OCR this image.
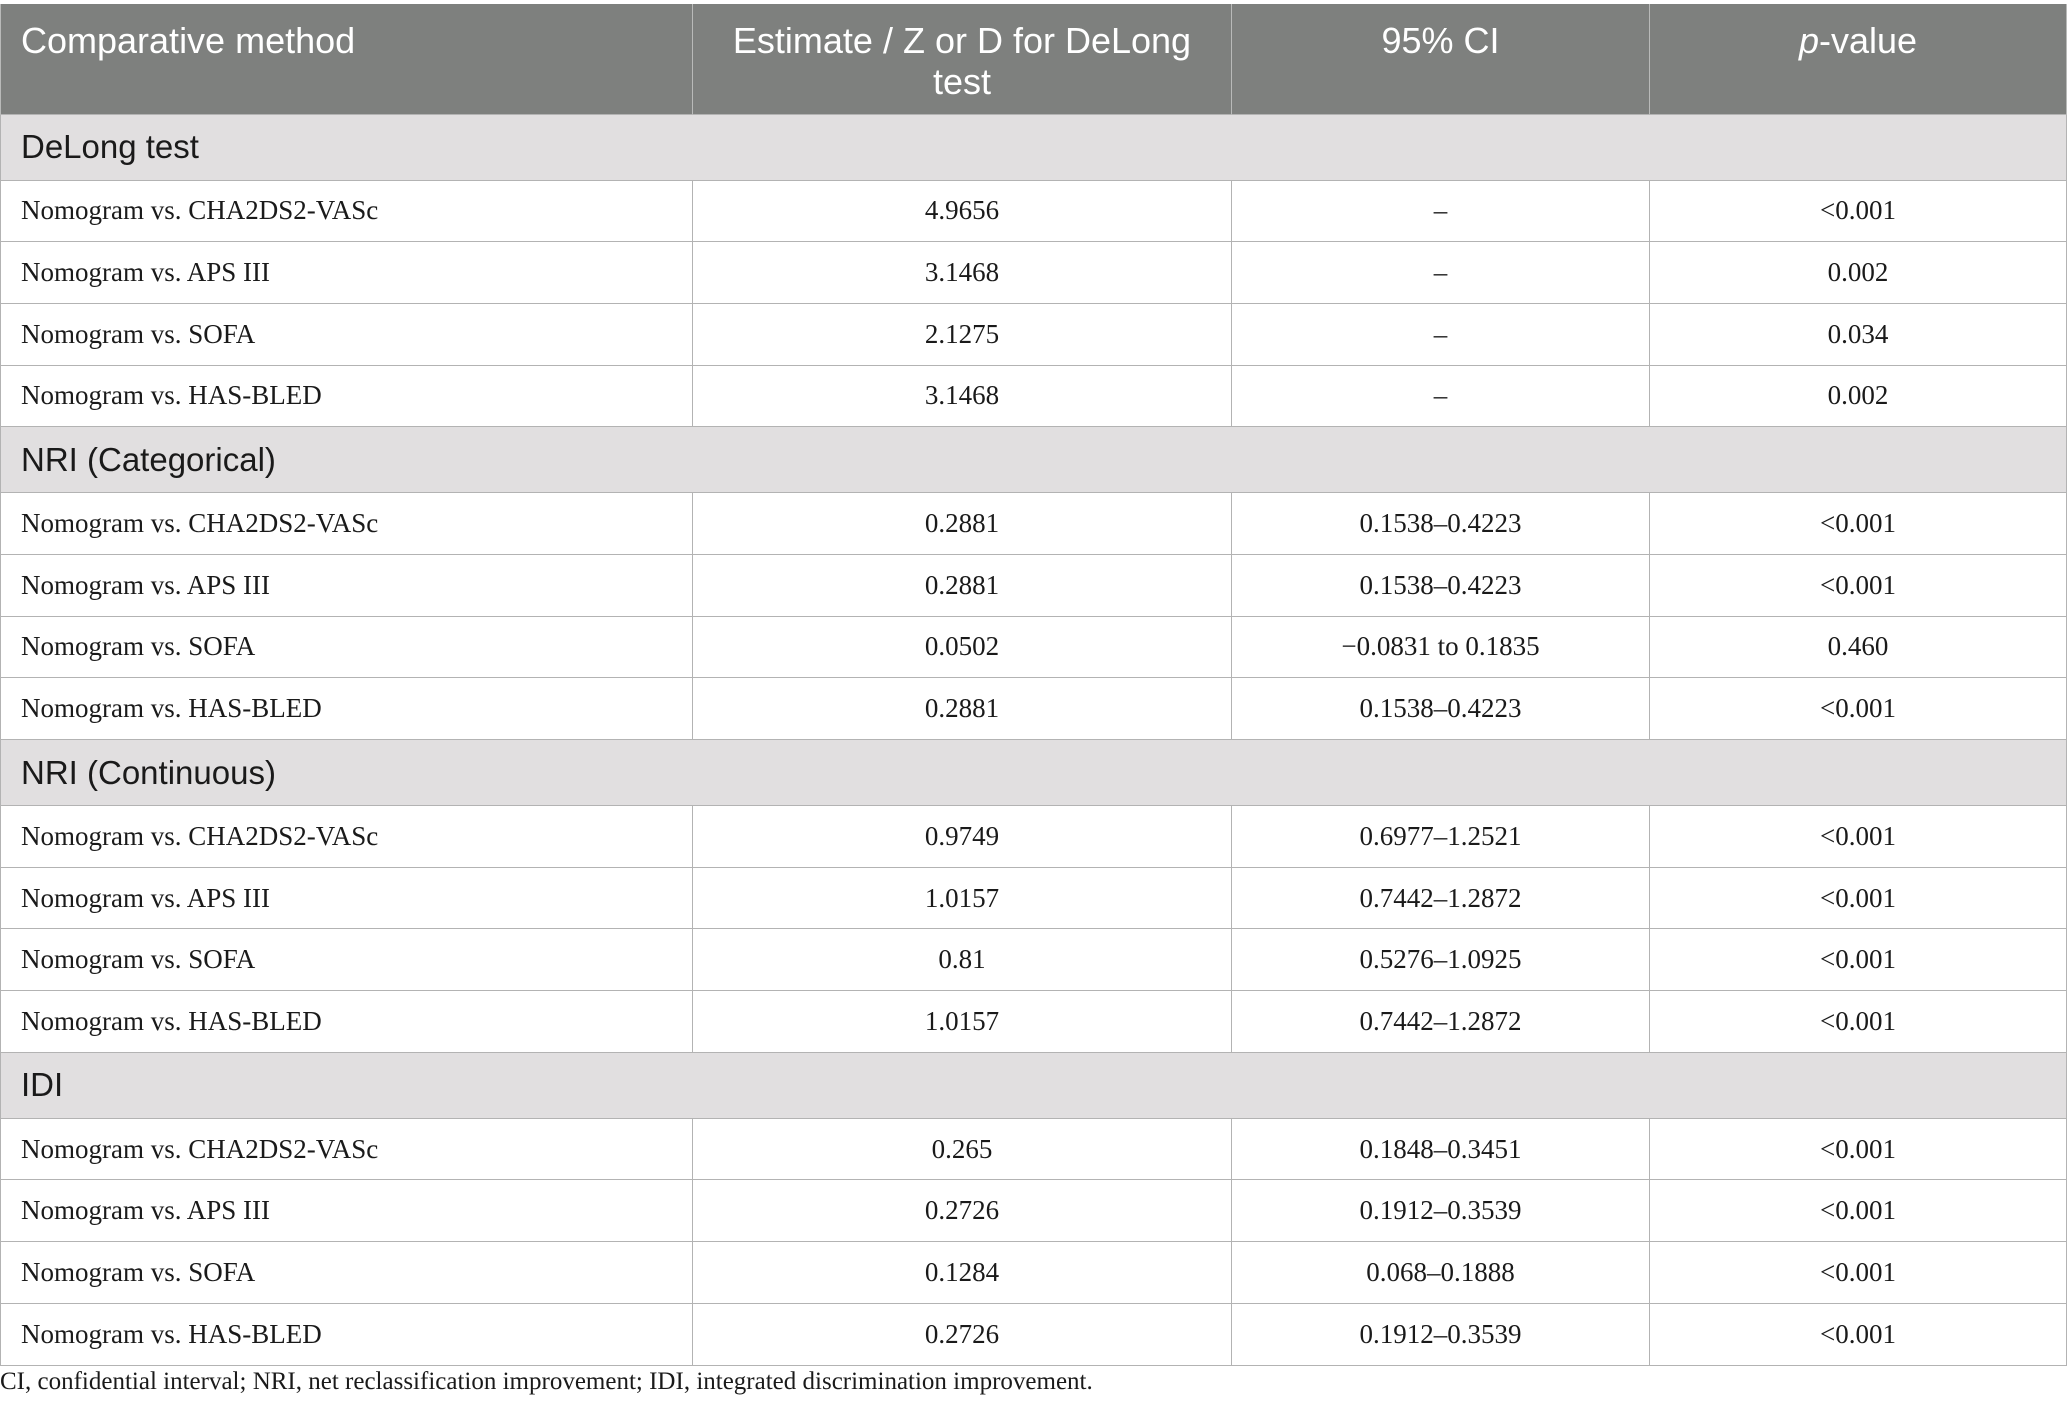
Comparative method	Estimate / Z or D for DeLong test	95% CI	p-value
DeLong test			
Nomogram vs. CHA2DS2-VASc	4.9656	–	<0.001
Nomogram vs. APS III	3.1468	–	0.002
Nomogram vs. SOFA	2.1275	–	0.034
Nomogram vs. HAS-BLED	3.1468	–	0.002
NRI (Categorical)			
Nomogram vs. CHA2DS2-VASc	0.2881	0.1538–0.4223	<0.001
Nomogram vs. APS III	0.2881	0.1538–0.4223	<0.001
Nomogram vs. SOFA	0.0502	−0.0831 to 0.1835	0.460
Nomogram vs. HAS-BLED	0.2881	0.1538–0.4223	<0.001
NRI (Continuous)			
Nomogram vs. CHA2DS2-VASc	0.9749	0.6977–1.2521	<0.001
Nomogram vs. APS III	1.0157	0.7442–1.2872	<0.001
Nomogram vs. SOFA	0.81	0.5276–1.0925	<0.001
Nomogram vs. HAS-BLED	1.0157	0.7442–1.2872	<0.001
IDI			
Nomogram vs. CHA2DS2-VASc	0.265	0.1848–0.3451	<0.001
Nomogram vs. APS III	0.2726	0.1912–0.3539	<0.001
Nomogram vs. SOFA	0.1284	0.068–0.1888	<0.001
Nomogram vs. HAS-BLED	0.2726	0.1912–0.3539	<0.001
CI, confidential interval; NRI, net reclassification improvement; IDI, integrated discrimination improvement.
